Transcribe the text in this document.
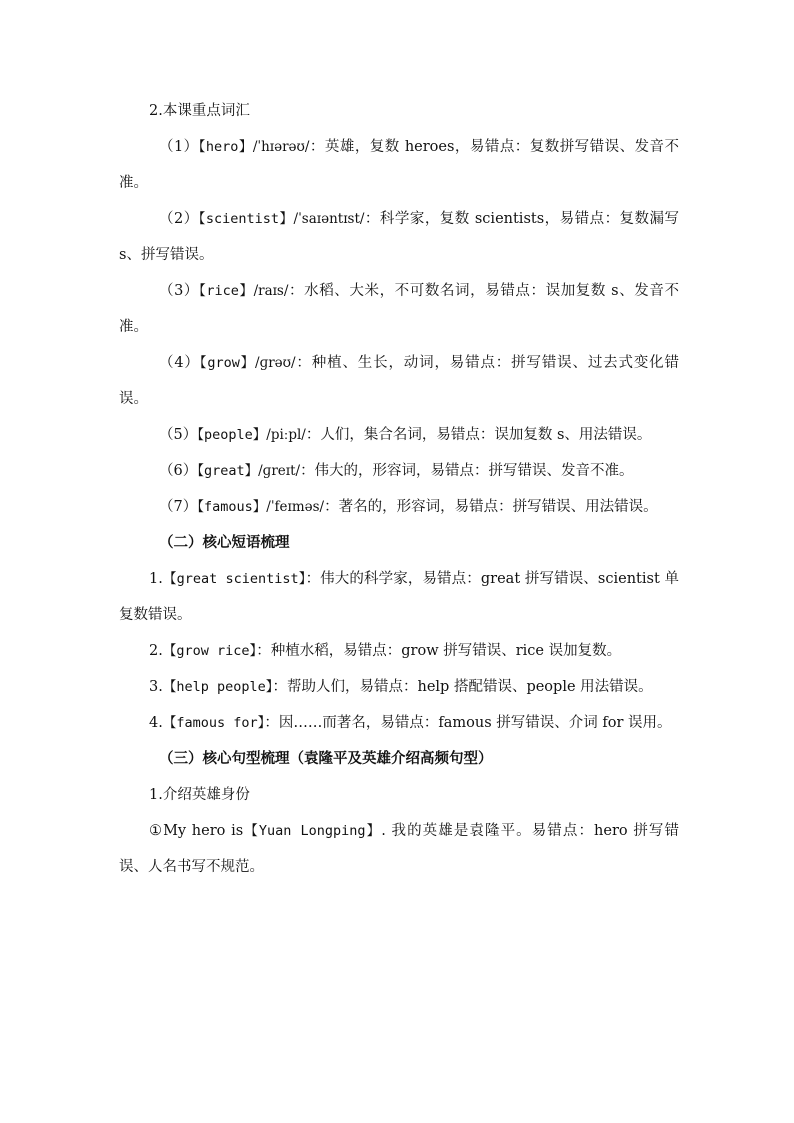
2.本课重点词汇
（1）【hero】/ˈhɪərəʊ/：英雄，复数 heroes，易错点：复数拼写错误、发音不准。
（2）【scientist】/ˈsaɪəntɪst/：科学家，复数 scientists，易错点：复数漏写 s、拼写错误。
（3）【rice】/raɪs/：水稻、大米，不可数名词，易错点：误加复数 s、发音不准。
（4）【grow】/ɡrəʊ/：种植、生长，动词，易错点：拼写错误、过去式变化错误。
（5）【people】/piːpl/：人们，集合名词，易错点：误加复数 s、用法错误。
（6）【great】/ɡreɪt/：伟大的，形容词，易错点：拼写错误、发音不准。
（7）【famous】/ˈfeɪməs/：著名的，形容词，易错点：拼写错误、用法错误。
（二）核心短语梳理
1.【great scientist】：伟大的科学家，易错点：great 拼写错误、scientist 单复数错误。
2.【grow rice】：种植水稻，易错点：grow 拼写错误、rice 误加复数。
3.【help people】：帮助人们，易错点：help 搭配错误、people 用法错误。
4.【famous for】：因……而著名，易错点：famous 拼写错误、介词 for 误用。
（三）核心句型梳理（袁隆平及英雄介绍高频句型）
1.介绍英雄身份
①My hero is【Yuan Longping】. 我的英雄是袁隆平。易错点：hero 拼写错误、人名书写不规范。
